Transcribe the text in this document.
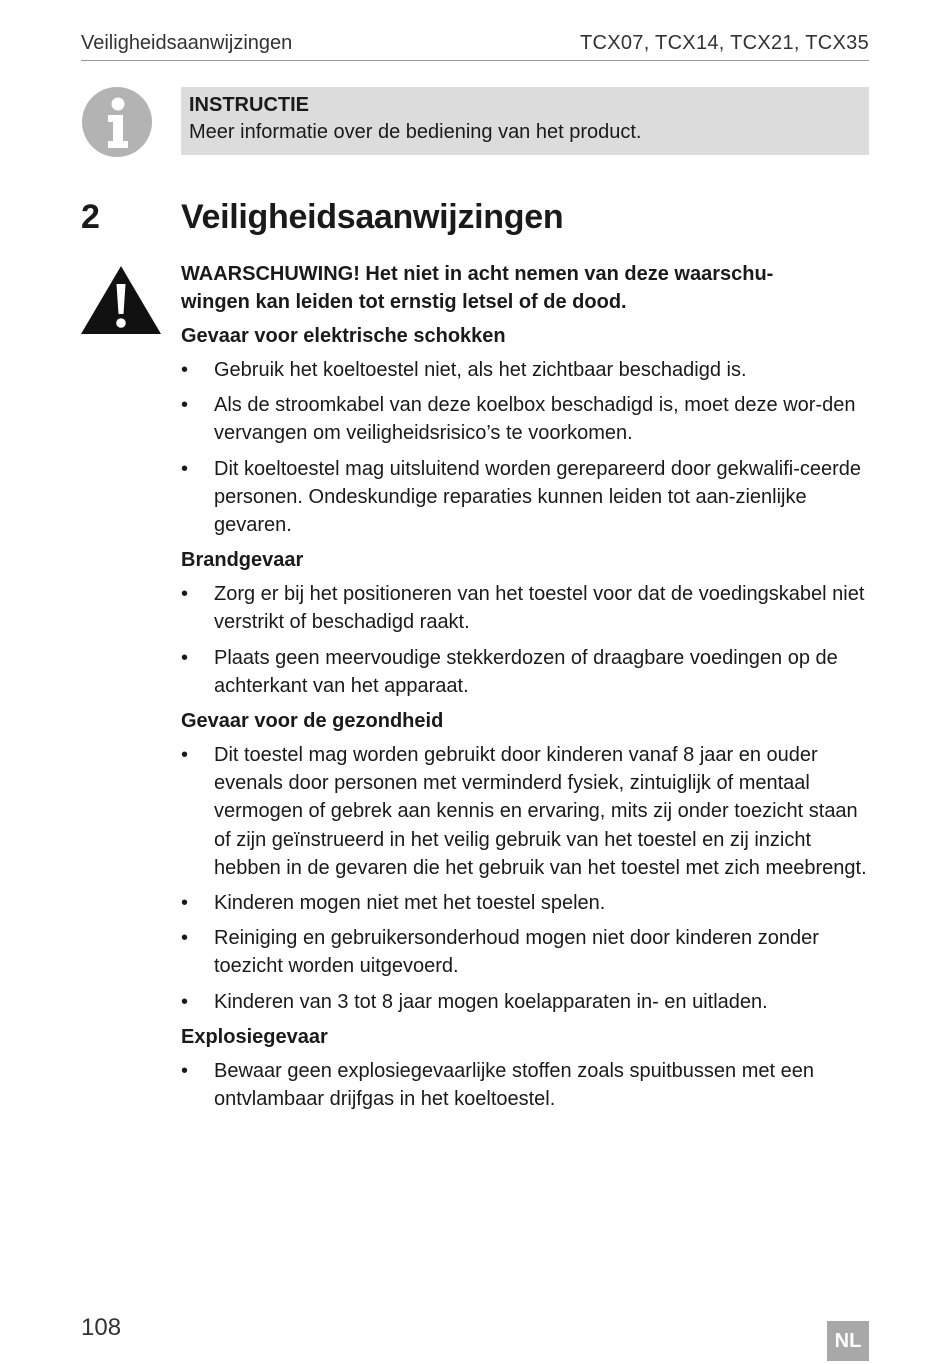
Veiligheidsaanwijzingen	TCX07, TCX14, TCX21, TCX35
INSTRUCTIE
Meer informatie over de bediening van het product.
2 Veiligheidsaanwijzingen
WAARSCHUWING! Het niet in acht nemen van deze waarschu-
wingen kan leiden tot ernstig letsel of de dood.
Gevaar voor elektrische schokken
• Gebruik het koeltoestel niet, als het zichtbaar beschadigd is.
• Als de stroomkabel van deze koelbox beschadigd is, moet deze wor-den vervangen om veiligheidsrisico’s te voorkomen.
• Dit koeltoestel mag uitsluitend worden gerepareerd door gekwalifi-ceerde personen. Ondeskundige reparaties kunnen leiden tot aan-zienlijke gevaren.
Brandgevaar
• Zorg er bij het positioneren van het toestel voor dat de voedingskabel niet verstrikt of beschadigd raakt.
• Plaats geen meervoudige stekkerdozen of draagbare voedingen op de achterkant van het apparaat.
Gevaar voor de gezondheid
• Dit toestel mag worden gebruikt door kinderen vanaf 8 jaar en ouder evenals door personen met verminderd fysiek, zintuiglijk of mentaal vermogen of gebrek aan kennis en ervaring, mits zij onder toezicht staan of zijn geïnstrueerd in het veilig gebruik van het toestel en zij inzicht hebben in de gevaren die het gebruik van het toestel met zich meebrengt.
• Kinderen mogen niet met het toestel spelen.
• Reiniging en gebruikersonderhoud mogen niet door kinderen zonder toezicht worden uitgevoerd.
• Kinderen van 3 tot 8 jaar mogen koelapparaten in- en uitladen.
Explosiegevaar
• Bewaar geen explosiegevaarlijke stoffen zoals spuitbussen met een ontvlambaar drijfgas in het koeltoestel.
108	NL
